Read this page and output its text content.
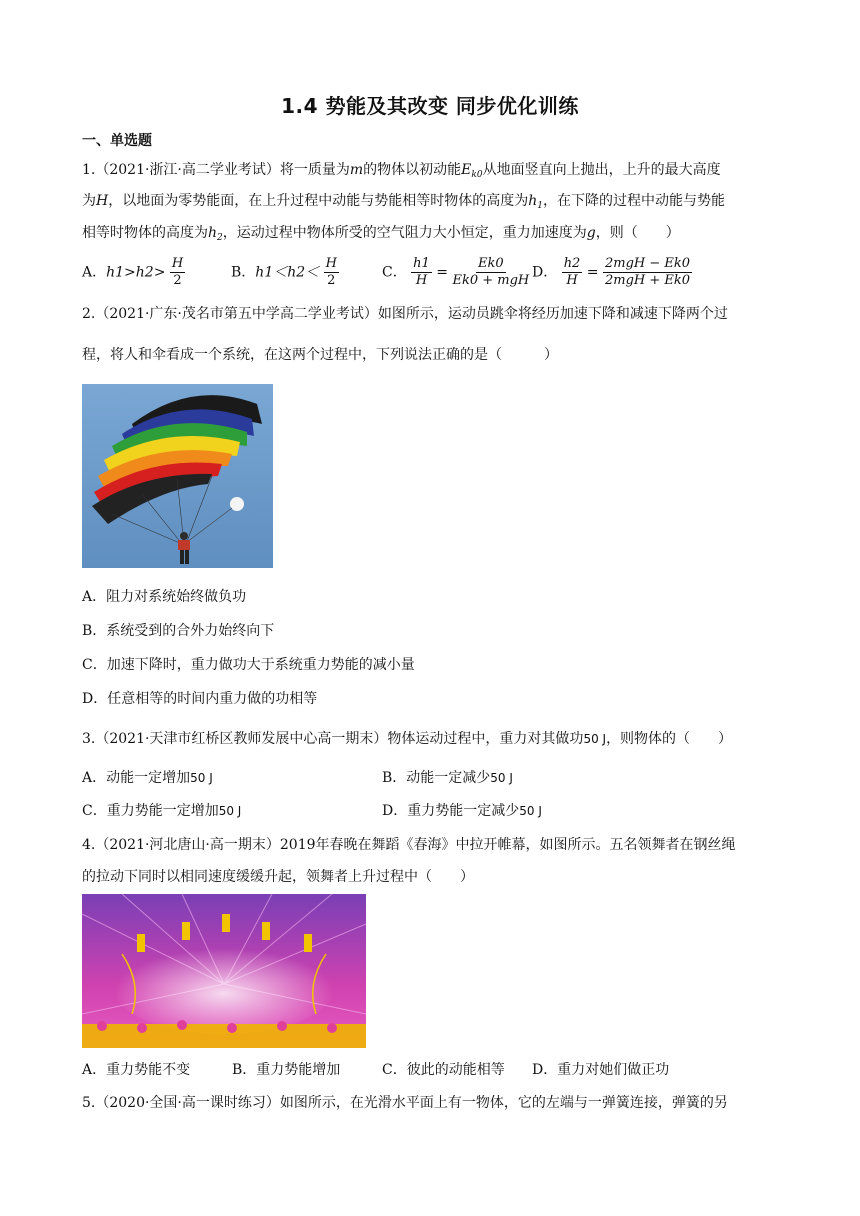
1.4 势能及其改变 同步优化训练
一、单选题
1.（2021·浙江·高二学业考试）将一质量为m的物体以初动能$E_{k0}$从地面竖直向上抛出，上升的最大高度
为H，以地面为零势能面，在上升过程中动能与势能相等时物体的高度为$h_1$，在下降的过程中动能与势能
相等时物体的高度为$h_2$，运动过程中物体所受的空气阻力大小恒定，重力加速度为g，则（　　）
A．$h1>h2> \frac{H}{2}$	B．$h1<h2< \frac{H}{2}$	C． $\frac{h1}{H} = \frac{Ek0}{\text{Ek0 + mgH}}$ D． $\frac{h2}{H} = \frac{\text{2mgH − Ek0}}{\text{2mgH + Ek0}}$
2.（2021·广东·茂名市第五中学高二学业考试）如图所示，运动员跳伞将经历加速下降和减速下降两个过
程，将人和伞看成一个系统，在这两个过程中，下列说法正确的是（　　　）
A．阻力对系统始终做负功
B．系统受到的合外力始终向下
C．加速下降时，重力做功大于系统重力势能的减小量
D．任意相等的时间内重力做的功相等
3.（2021·天津市红桥区教师发展中心高一期末）物体运动过程中，重力对其做功50 J，则物体的（　　）
A．动能一定增加50 J	B．动能一定减少50 J
C．重力势能一定增加50 J	D．重力势能一定减少50 J
4.（2021·河北唐山·高一期末）2019年春晚在舞蹈《春海》中拉开帷幕，如图所示。五名领舞者在钢丝绳
的拉动下同时以相同速度缓缓升起，领舞者上升过程中（　　）
A．重力势能不变	B．重力势能增加	C．彼此的动能相等 D．重力对她们做正功
5.（2020·全国·高一课时练习）如图所示，在光滑水平面上有一物体，它的左端与一弹簧连接，弹簧的另
